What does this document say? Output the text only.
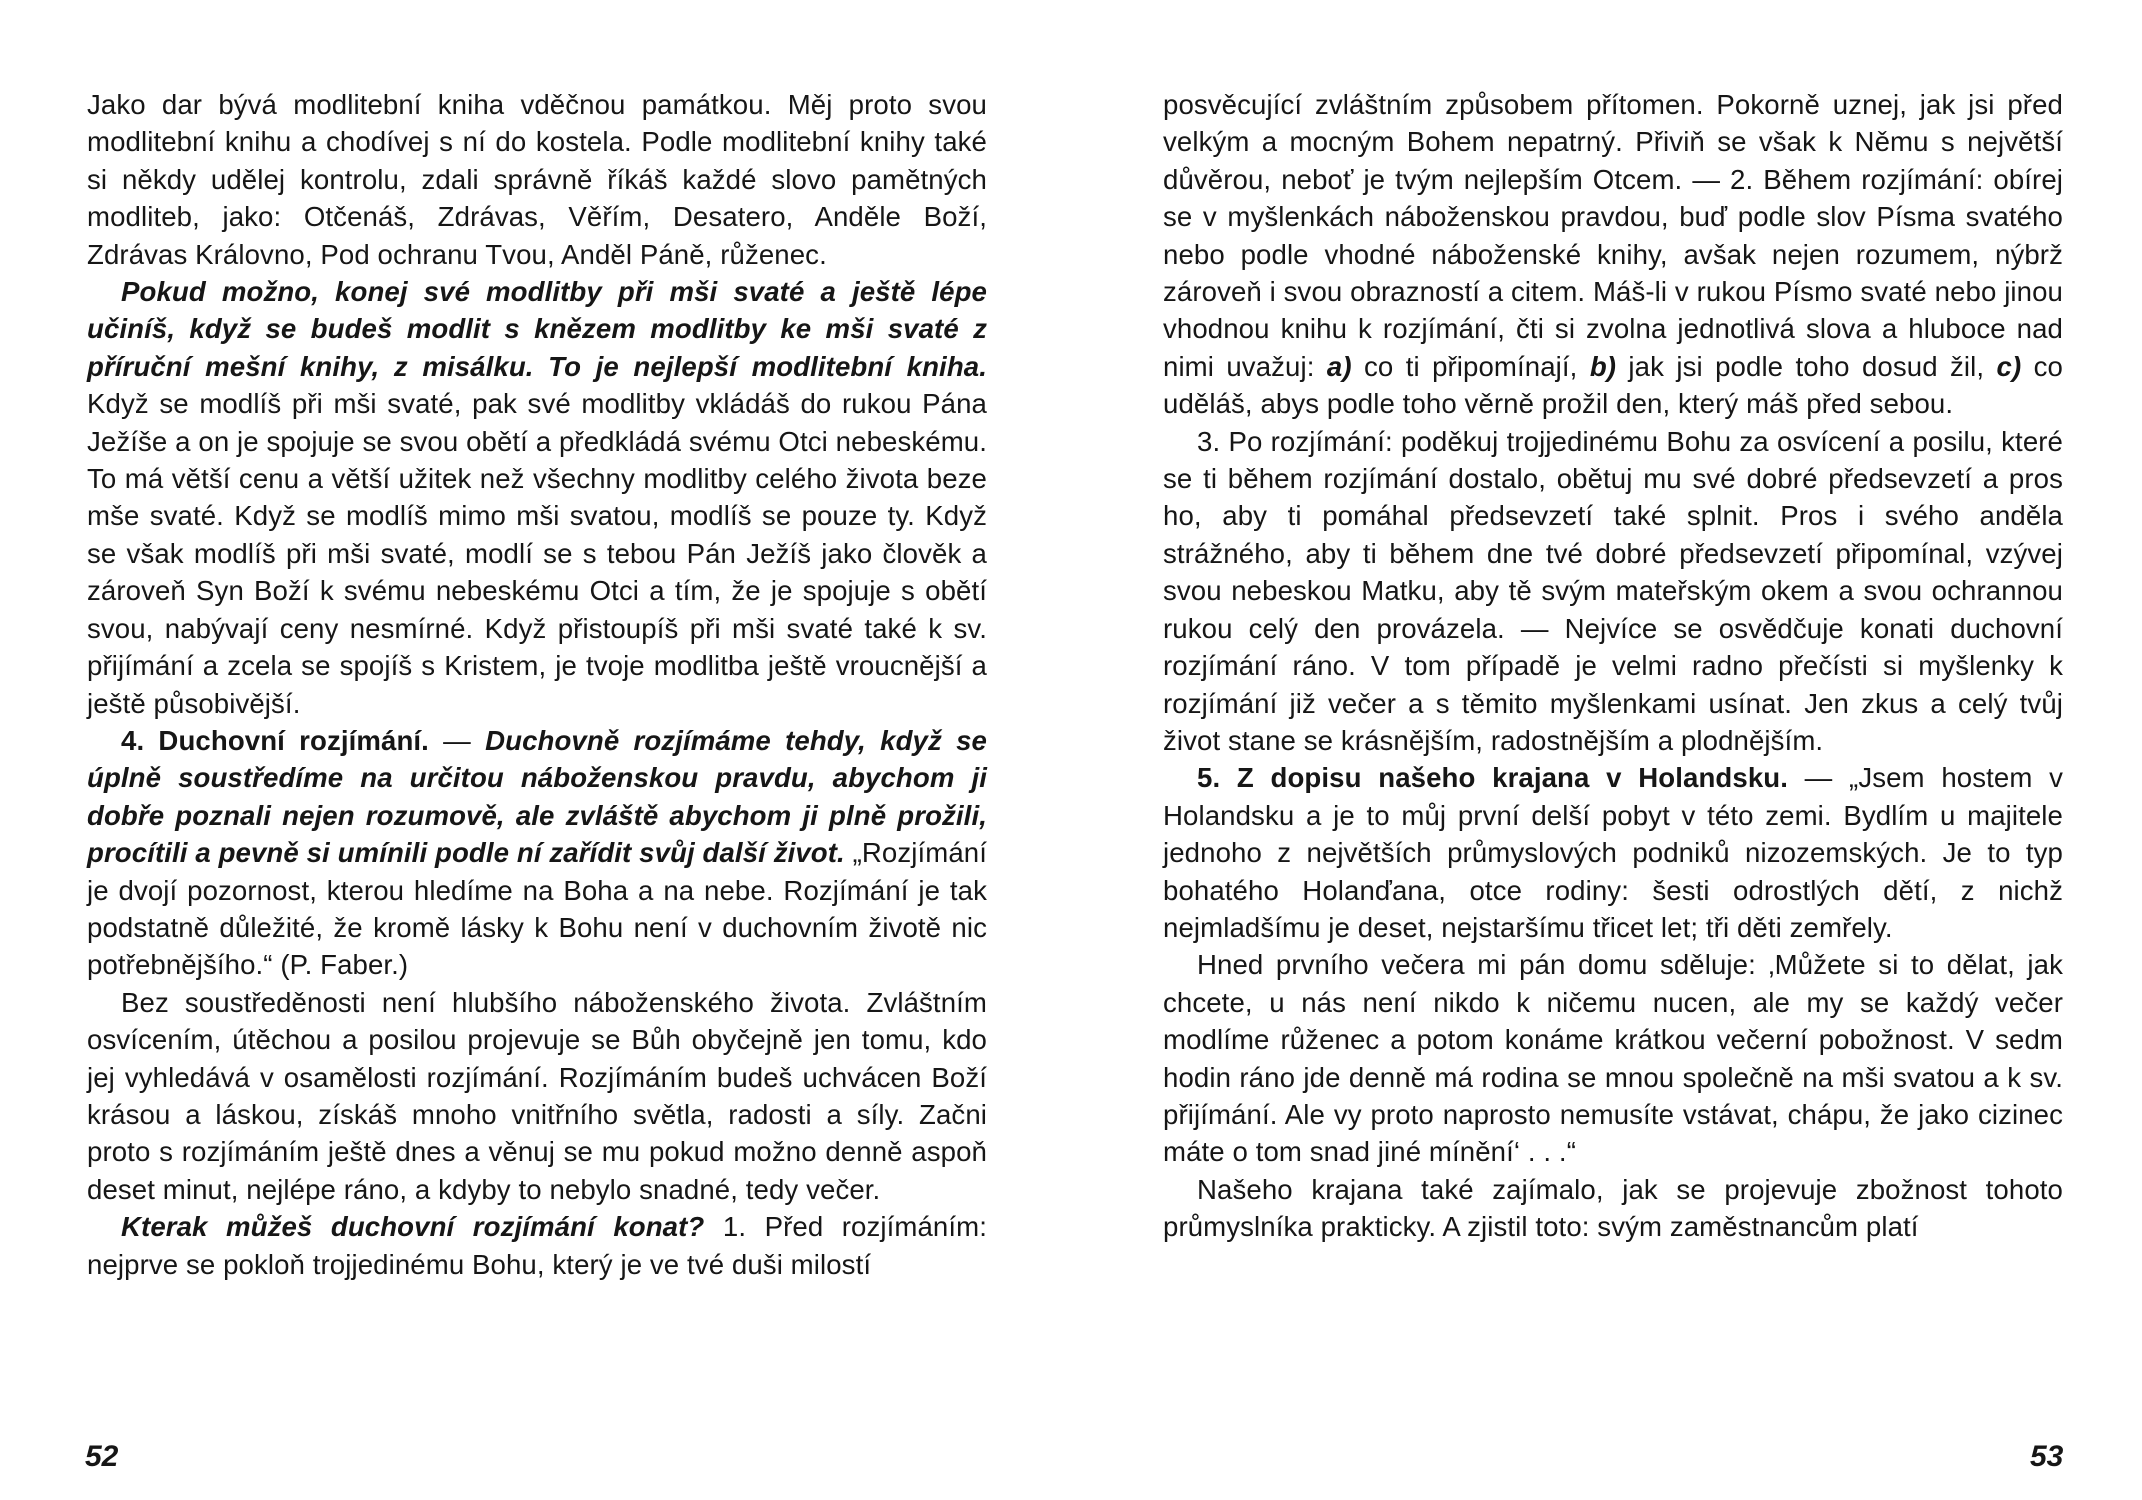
Jako dar bývá modlitební kniha vděčnou památkou. Měj proto svou modlitební knihu a chodívej s ní do kostela. Podle modlitební knihy také si někdy udělej kontrolu, zdali správně říkáš každé slovo pamětných modliteb, jako: Otčenáš, Zdrávas, Věřím, Desatero, Anděle Boží, Zdrávas Královno, Pod ochranu Tvou, Anděl Páně, růženec.

Pokud možno, konej své modlitby při mši svaté a ještě lépe učiníš, když se budeš modlit s knězem modlitby ke mši svaté z příruční mešní knihy, z misálku. To je nejlepší modlitební kniha. Když se modlíš při mši svaté, pak své modlitby vkládáš do rukou Pána Ježíše a on je spojuje se svou obětí a předkládá svému Otci nebeskému. To má větší cenu a větší užitek než všechny modlitby celého života beze mše svaté. Když se modlíš mimo mši svatou, modlíš se pouze ty. Když se však modlíš při mši svaté, modlí se s tebou Pán Ježíš jako člověk a zároveň Syn Boží k svému nebeskému Otci a tím, že je spojuje s obětí svou, nabývají ceny nesmírné. Když přistoupíš při mši svaté také k sv. přijímání a zcela se spojíš s Kristem, je tvoje modlitba ještě vroucnější a ještě působivější.

4. Duchovní rozjímání. — Duchovně rozjímáme tehdy, když se úplně soustředíme na určitou náboženskou pravdu, abychom ji dobře poznali nejen rozumově, ale zvláště abychom ji plně prožili, procítili a pevně si umínili podle ní zařídit svůj další život. „Rozjímání je dvojí pozornost, kterou hledíme na Boha a na nebe. Rozjímání je tak podstatně důležité, že kromě lásky k Bohu není v duchovním životě nic potřebnějšího.“ (P. Faber.)

Bez soustředěnosti není hlubšího náboženského života. Zvláštním osvícením, útěchou a posilou projevuje se Bůh obyčejně jen tomu, kdo jej vyhledává v osamělosti rozjímání. Rozjímáním budeš uchvácen Boží krásou a láskou, získáš mnoho vnitřního světla, radosti a síly. Začni proto s rozjímáním ještě dnes a věnuj se mu pokud možno denně aspoň deset minut, nejlépe ráno, a kdyby to nebylo snadné, tedy večer.

Kterak můžeš duchovní rozjímání konat? 1. Před rozjímáním: nejprve se pokloň trojjedinému Bohu, který je ve tvé duši milostí

52

posvěcující zvláštním způsobem přítomen. Pokorně uznej, jak jsi před velkým a mocným Bohem nepatrný. Přiviň se však k Němu s největší důvěrou, neboť je tvým nejlepším Otcem. — 2. Během rozjímání: obírej se v myšlenkách náboženskou pravdou, buď podle slov Písma svatého nebo podle vhodné náboženské knihy, avšak nejen rozumem, nýbrž zároveň i svou obrazností a citem. Máš-li v rukou Písmo svaté nebo jinou vhodnou knihu k rozjímání, čti si zvolna jednotlivá slova a hluboce nad nimi uvažuj: a) co ti připomínají, b) jak jsi podle toho dosud žil, c) co uděláš, abys podle toho věrně prožil den, který máš před sebou.

3. Po rozjímání: poděkuj trojjedinému Bohu za osvícení a posilu, které se ti během rozjímání dostalo, obětuj mu své dobré předsevzetí a pros ho, aby ti pomáhal předsevzetí také splnit. Pros i svého anděla strážného, aby ti během dne tvé dobré předsevzetí připomínal, vzývej svou nebeskou Matku, aby tě svým mateřským okem a svou ochrannou rukou celý den provázela. — Nejvíce se osvědčuje konati duchovní rozjímání ráno. V tom případě je velmi radno přečísti si myšlenky k rozjímání již večer a s těmito myšlenkami usínat. Jen zkus a celý tvůj život stane se krásnějším, radostnějším a plodnějším.

5. Z dopisu našeho krajana v Holandsku. — „Jsem hostem v Holandsku a je to můj první delší pobyt v této zemi. Bydlím u majitele jednoho z největších průmyslových podniků nizozemských. Je to typ bohatého Holanďana, otce rodiny: šesti odrostlých dětí, z nichž nejmladšímu je deset, nejstaršímu třicet let; tři děti zemřely.

Hned prvního večera mi pán domu sděluje: ‚Můžete si to dělat, jak chcete, u nás není nikdo k ničemu nucen, ale my se každý večer modlíme růženec a potom konáme krátkou večerní pobožnost. V sedm hodin ráno jde denně má rodina se mnou společně na mši svatou a k sv. přijímání. Ale vy proto naprosto nemusíte vstávat, chápu, že jako cizinec máte o tom snad jiné mínění‘ . . .“

Našeho krajana také zajímalo, jak se projevuje zbožnost tohoto průmyslníka prakticky. A zjistil toto: svým zaměstnancům platí

53
